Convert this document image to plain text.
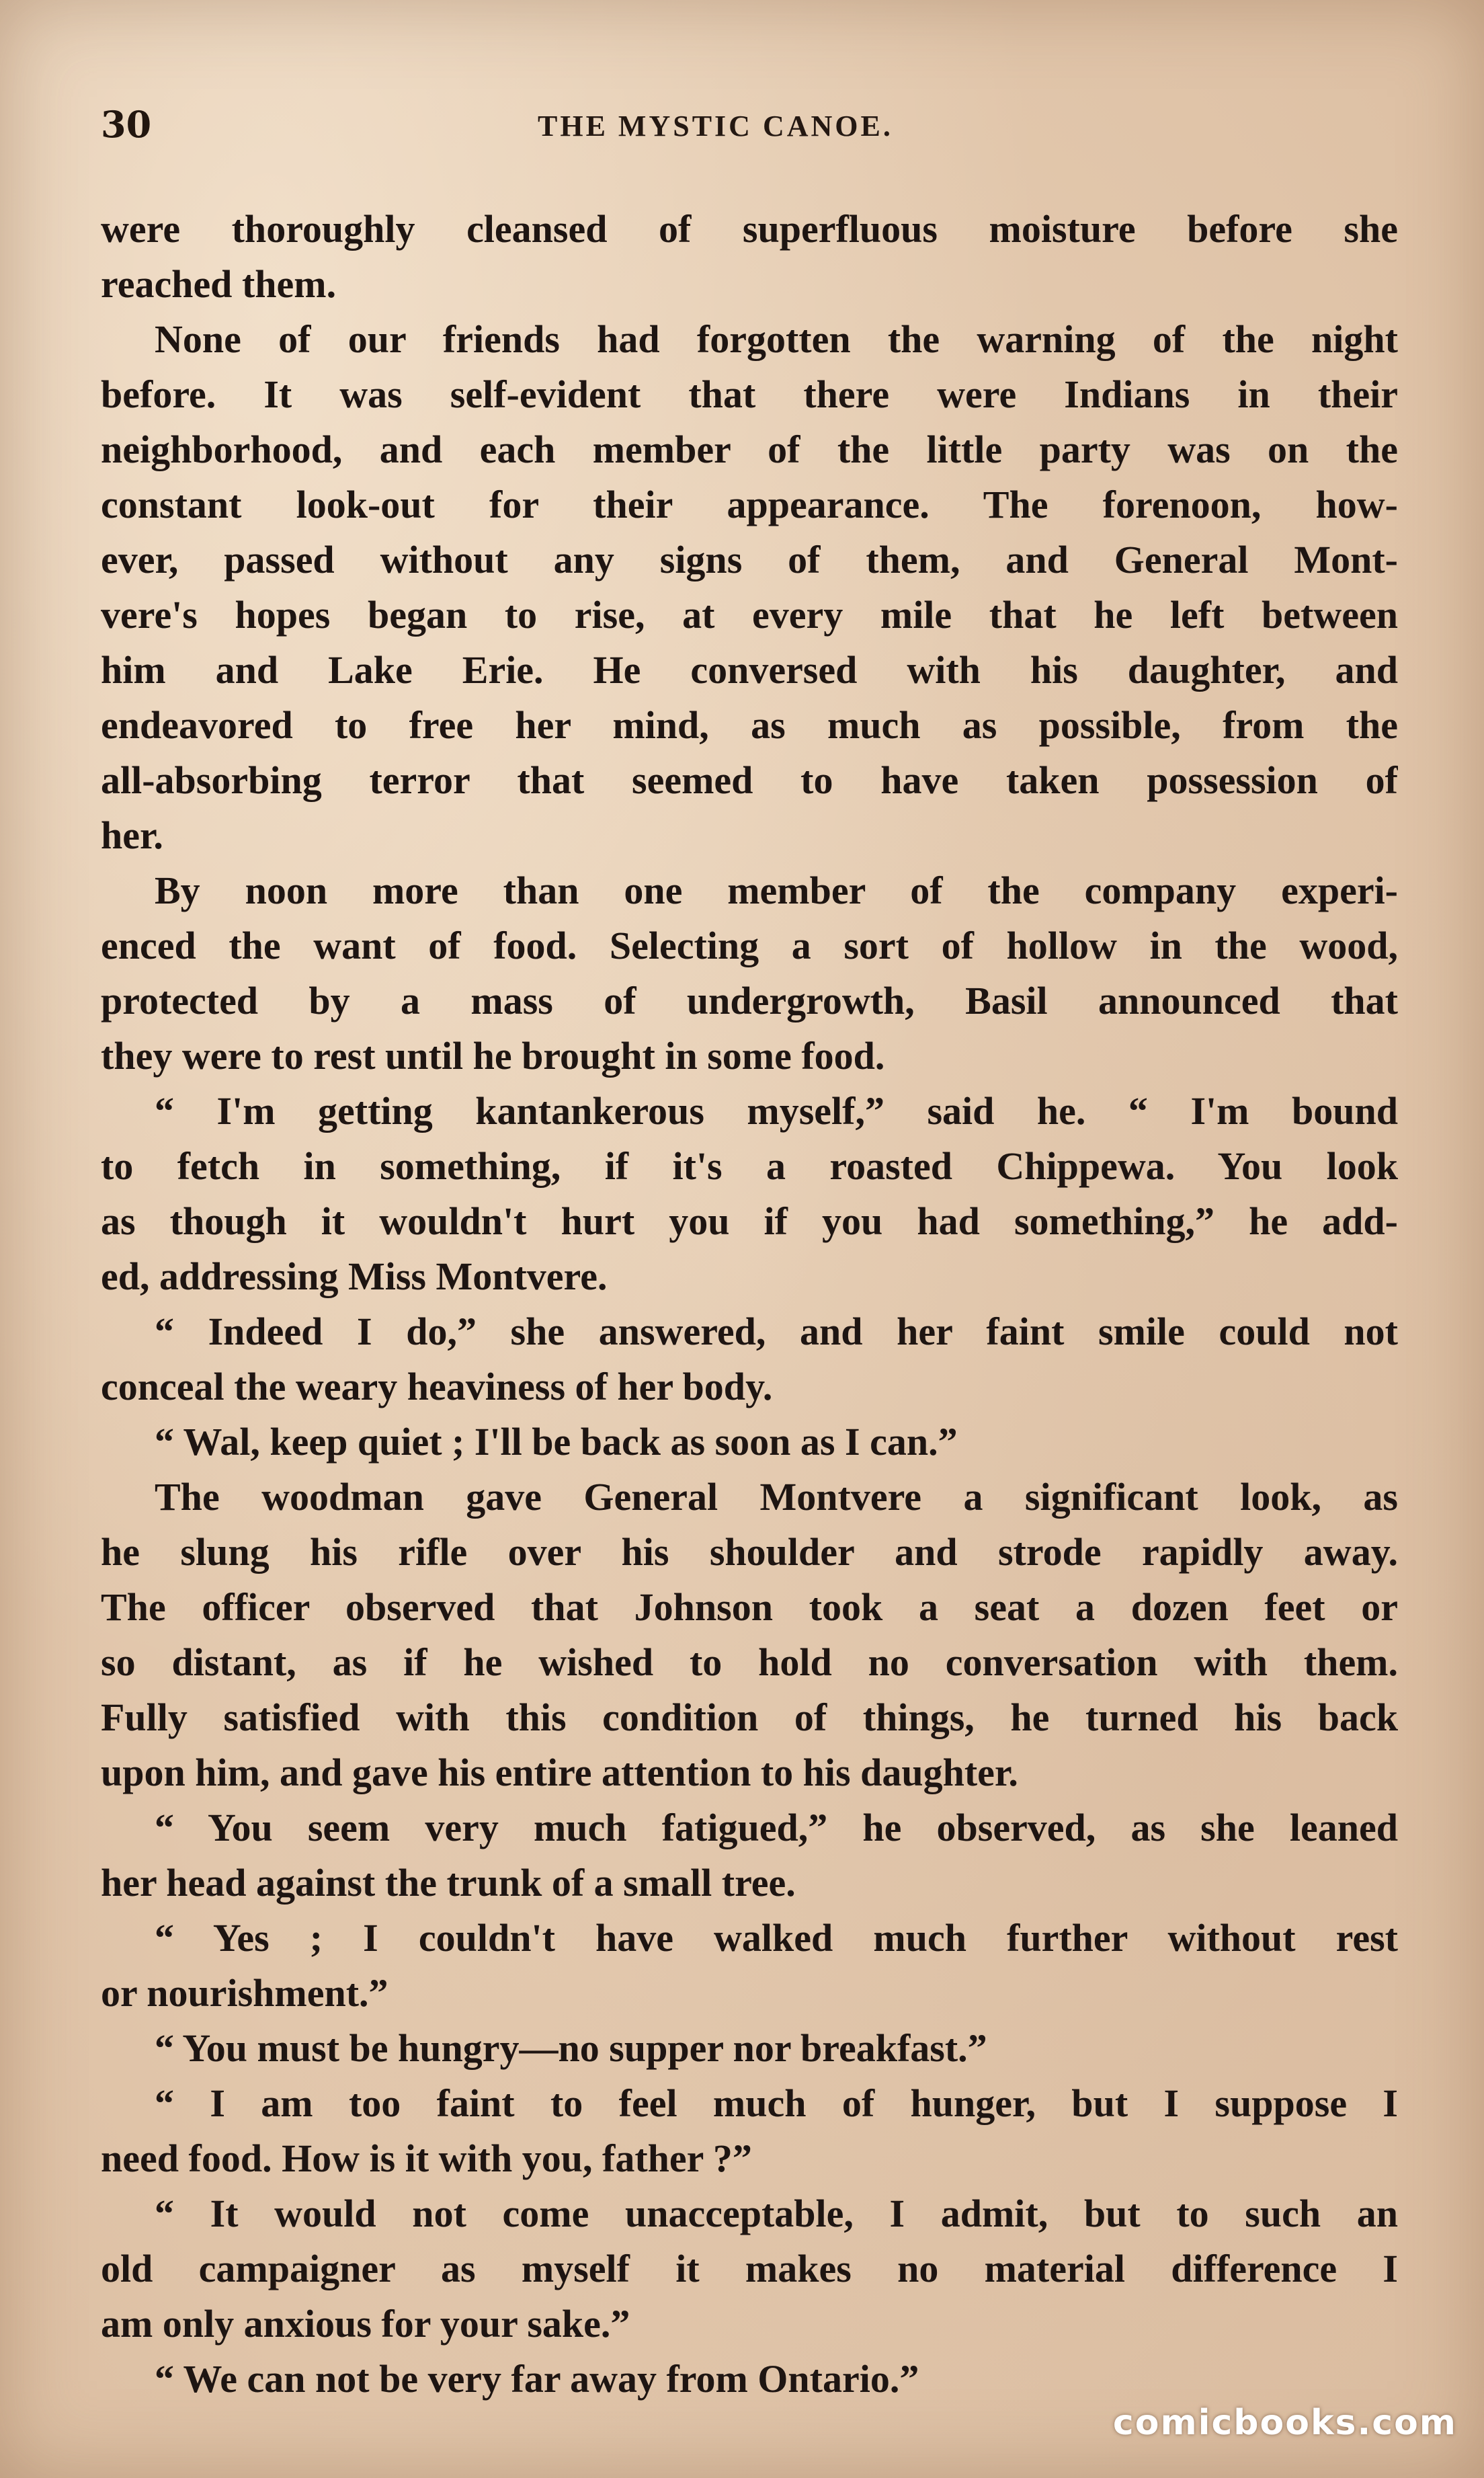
30	THE MYSTIC CANOE.
were thoroughly cleansed of superfluous moisture before she
reached them.
None of our friends had forgotten the warning of the night
before. It was self-evident that there were Indians in their
neighborhood, and each member of the little party was on the
constant look-out for their appearance. The forenoon, how-
ever, passed without any signs of them, and General Mont-
vere's hopes began to rise, at every mile that he left between
him and Lake Erie. He conversed with his daughter, and
endeavored to free her mind, as much as possible, from the
all-absorbing terror that seemed to have taken possession of
her.
By noon more than one member of the company experi-
enced the want of food. Selecting a sort of hollow in the wood,
protected by a mass of undergrowth, Basil announced that
they were to rest until he brought in some food.
“ I'm getting kantankerous myself,” said he. “ I'm bound
to fetch in something, if it's a roasted Chippewa. You look
as though it wouldn't hurt you if you had something,” he add-
ed, addressing Miss Montvere.
“ Indeed I do,” she answered, and her faint smile could not
conceal the weary heaviness of her body.
“ Wal, keep quiet ; I'll be back as soon as I can.”
The woodman gave General Montvere a significant look, as
he slung his rifle over his shoulder and strode rapidly away.
The officer observed that Johnson took a seat a dozen feet or
so distant, as if he wished to hold no conversation with them.
Fully satisfied with this condition of things, he turned his back
upon him, and gave his entire attention to his daughter.
“ You seem very much fatigued,” he observed, as she leaned
her head against the trunk of a small tree.
“ Yes ; I couldn't have walked much further without rest
or nourishment.”
“ You must be hungry—no supper nor breakfast.”
“ I am too faint to feel much of hunger, but I suppose I
need food. How is it with you, father ?”
“ It would not come unacceptable, I admit, but to such an
old campaigner as myself it makes no material difference I
am only anxious for your sake.”
“ We can not be very far away from Ontario.”
comicbooks.com
